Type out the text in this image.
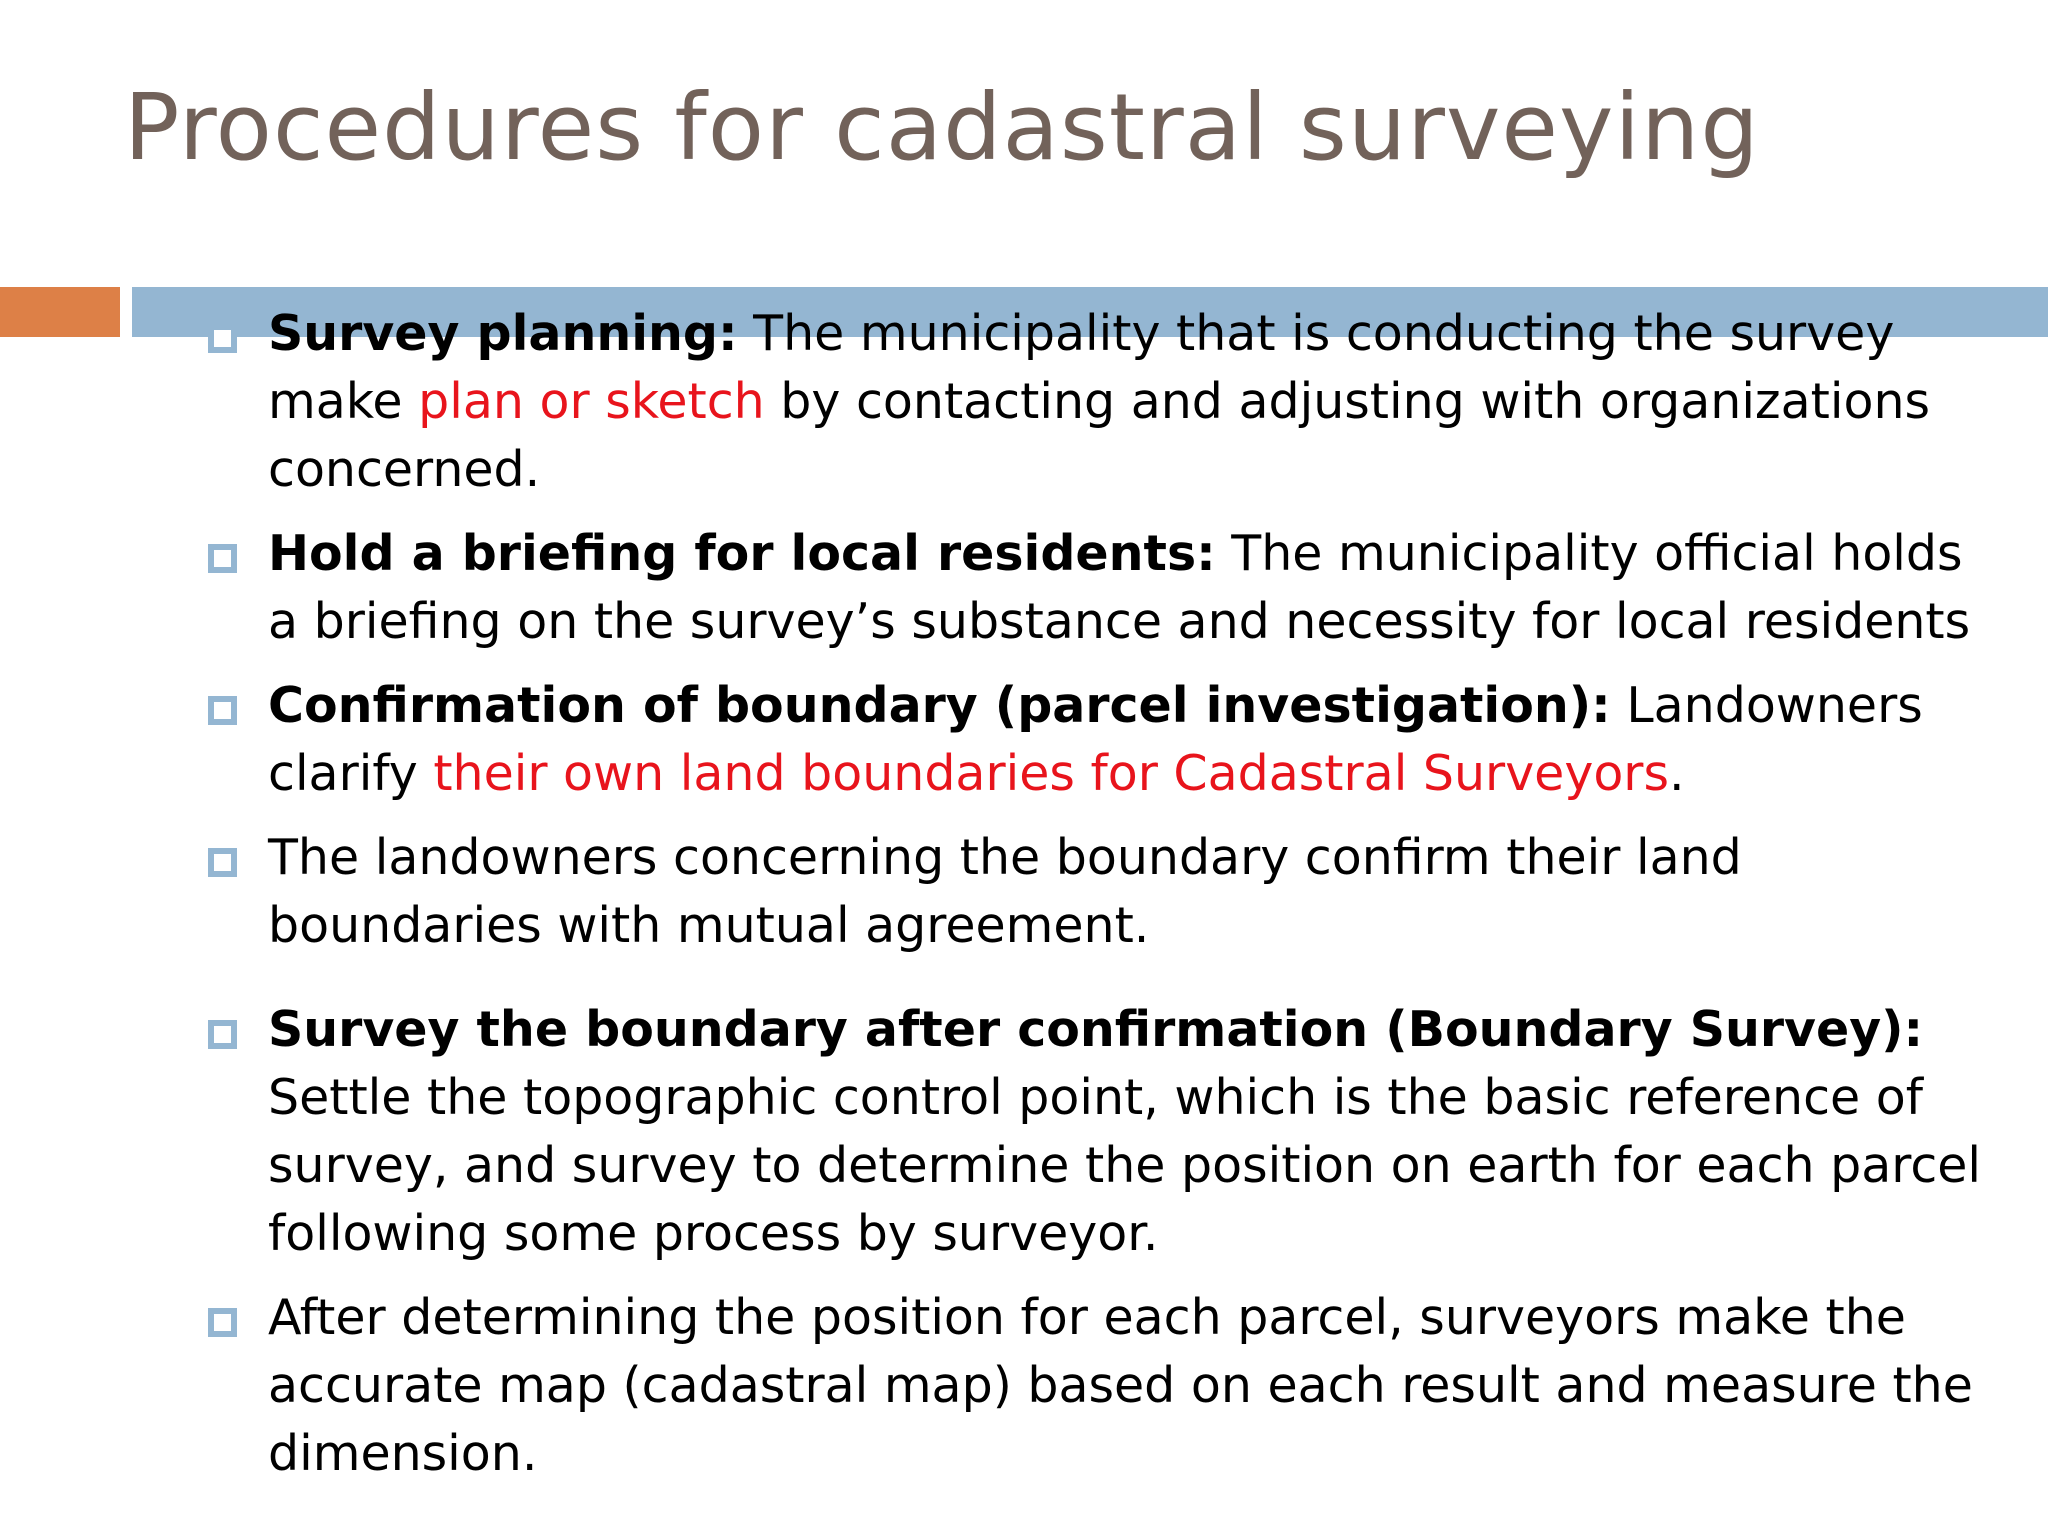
Procedures for cadastral surveying
Survey planning: The municipality that is conducting the survey make plan or sketch by contacting and adjusting with organizations concerned.
Hold a briefing for local residents: The municipality official holds a briefing on the survey’s substance and necessity for local residents
Confirmation of boundary (parcel investigation): Landowners clarify their own land boundaries for Cadastral Surveyors.
The landowners concerning the boundary confirm their land boundaries with mutual agreement.
Survey the boundary after confirmation (Boundary Survey): Settle the topographic control point, which is the basic reference of survey, and survey to determine the position on earth for each parcel following some process by surveyor.
After determining the position for each parcel, surveyors make the accurate map (cadastral map) based on each result and measure the dimension.
